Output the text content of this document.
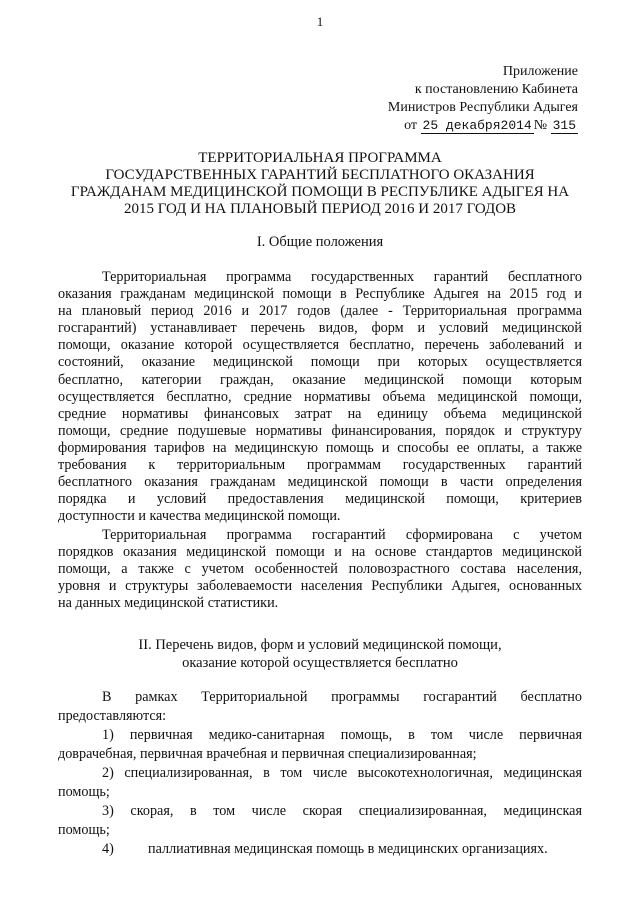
1
Приложение
к постановлению Кабинета
Министров Республики Адыгея
от 25 декабря2014 № 315
ТЕРРИТОРИАЛЬНАЯ ПРОГРАММА
ГОСУДАРСТВЕННЫХ ГАРАНТИЙ БЕСПЛАТНОГО ОКАЗАНИЯ
ГРАЖДАНАМ МЕДИЦИНСКОЙ ПОМОЩИ В РЕСПУБЛИКЕ АДЫГЕЯ НА
2015 ГОД И НА ПЛАНОВЫЙ ПЕРИОД 2016 И 2017 ГОДОВ
I. Общие положения
Территориальная программа государственных гарантий бесплатного
оказания гражданам медицинской помощи в Республике Адыгея на 2015 год и
на плановый период 2016 и 2017 годов (далее - Территориальная программа
госгарантий) устанавливает перечень видов, форм и условий медицинской
помощи, оказание которой осуществляется бесплатно, перечень заболеваний и
состояний, оказание медицинской помощи при которых осуществляется
бесплатно, категории граждан, оказание медицинской помощи которым
осуществляется бесплатно, средние нормативы объема медицинской помощи,
средние нормативы финансовых затрат на единицу объема медицинской
помощи, средние подушевые нормативы финансирования, порядок и структуру
формирования тарифов на медицинскую помощь и способы ее оплаты, а также
требования к территориальным программам государственных гарантий
бесплатного оказания гражданам медицинской помощи в части определения
порядка и условий предоставления медицинской помощи, критериев
доступности и качества медицинской помощи.
Территориальная программа госгарантий сформирована с учетом
порядков оказания медицинской помощи и на основе стандартов медицинской
помощи, а также с учетом особенностей половозрастного состава населения,
уровня и структуры заболеваемости населения Республики Адыгея, основанных
на данных медицинской статистики.
II. Перечень видов, форм и условий медицинской помощи,
оказание которой осуществляется бесплатно
В рамках Территориальной программы госгарантий бесплатно
предоставляются:
1) первичная медико-санитарная помощь, в том числе первичная
доврачебная, первичная врачебная и первичная специализированная;
2) специализированная, в том числе высокотехнологичная, медицинская
помощь;
3) скорая, в том числе скорая специализированная, медицинская
помощь;
4)	паллиативная медицинская помощь в медицинских организациях.
